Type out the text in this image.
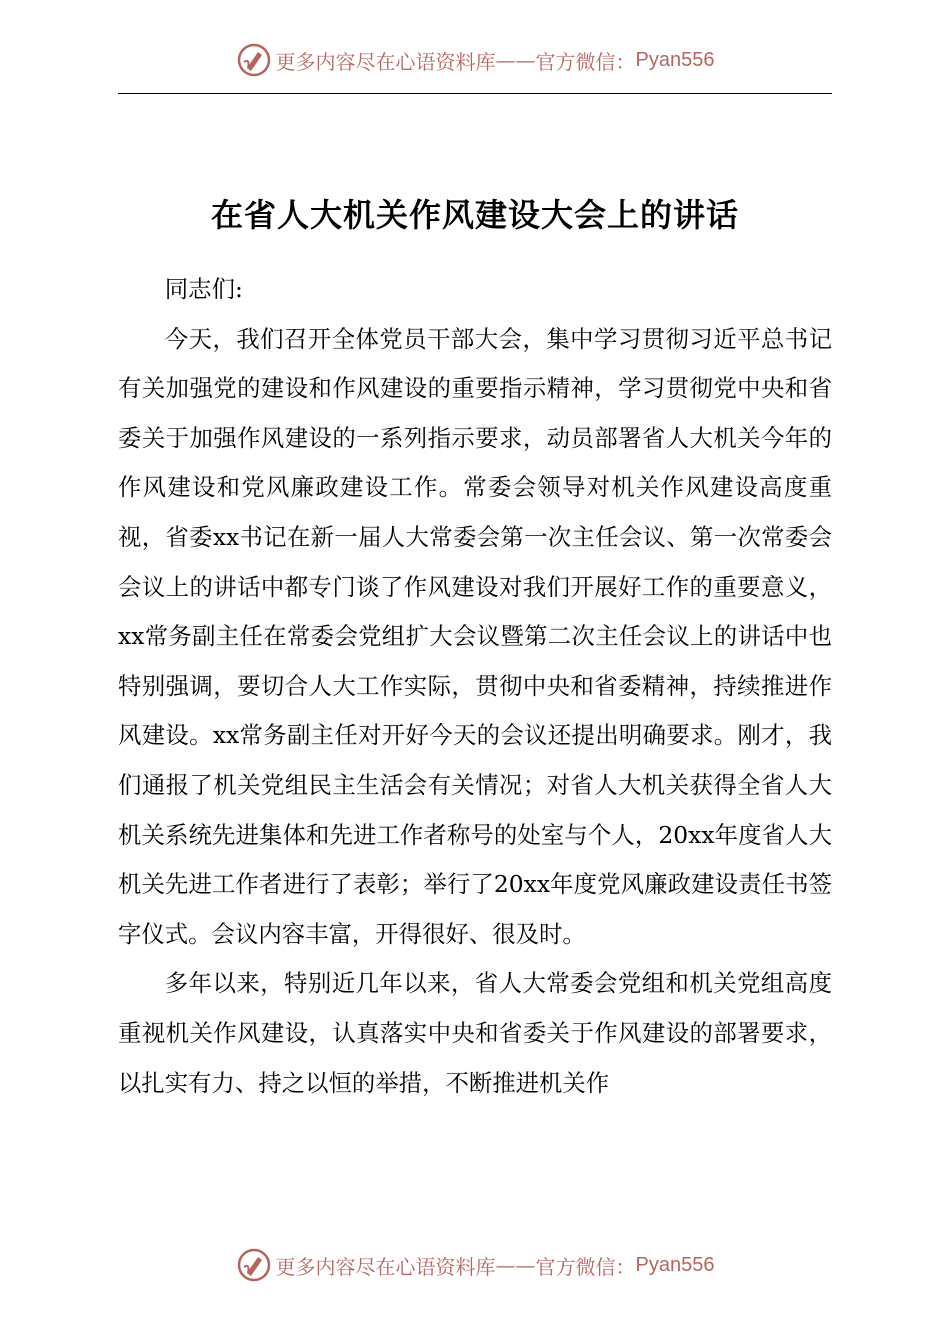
更多内容尽在心语资料库 —— 官方微信： Pyan556
在省人大机关作风建设大会上的讲话

同志们:

今天，我们召开全体党员干部大会，集中学习贯彻习近平总书记有关加强党的建设和作风建设的重要指示精神，学习贯彻党中央和省委关于加强作风建设的一系列指示要求，动员部署省人大机关今年的作风建设和党风廉政建设工作。常委会领导对机关作风建设高度重视，省委xx书记在新一届人大常委会第一次主任会议、第一次常委会会议上的讲话中都专门谈了作风建设对我们开展好工作的重要意义，xx常务副主任在常委会党组扩大会议暨第二次主任会议上的讲话中也特别强调，要切合人大工作实际，贯彻中央和省委精神，持续推进作风建设。xx常务副主任对开好今天的会议还提出明确要求。刚才，我们通报了机关党组民主生活会有关情况；对省人大机关获得全省人大机关系统先进集体和先进工作者称号的处室与个人，20xx年度省人大机关先进工作者进行了表彰；举行了20xx年度党风廉政建设责任书签字仪式。会议内容丰富，开得很好、很及时。

多年以来，特别近几年以来，省人大常委会党组和机关党组高度重视机关作风建设，认真落实中央和省委关于作风建设的部署要求，以扎实有力、持之以恒的举措，不断推进机关作

更多内容尽在心语资料库 —— 官方微信： Pyan556
